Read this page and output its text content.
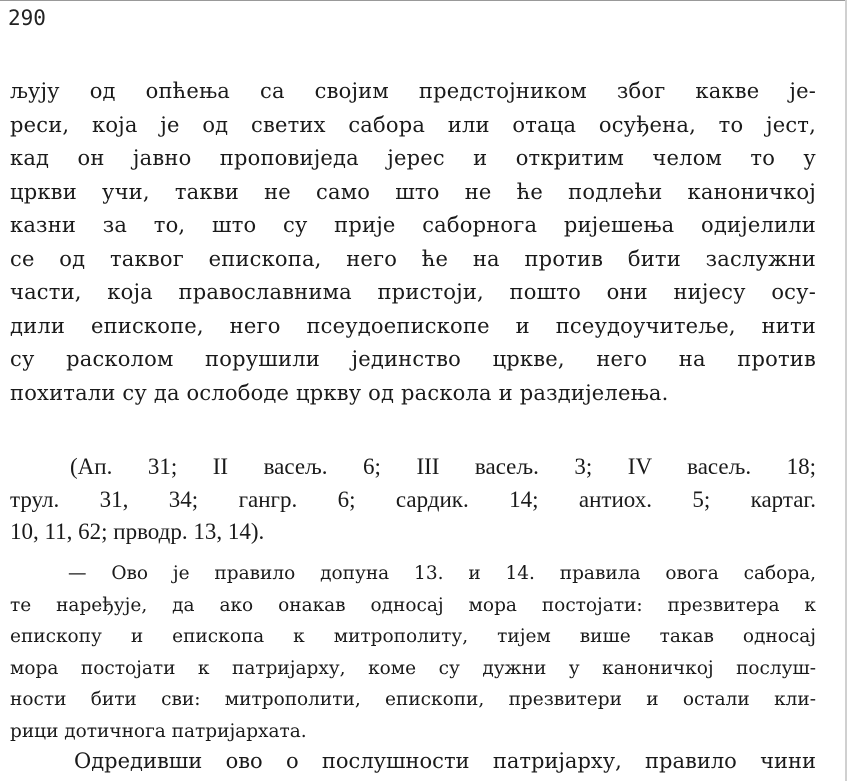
290
љују од опћења са својим предстојником због какве је-
реси, која је од светих сабора или отаца осуђена, то јест,
кад он јавно проповиједа јерес и откритим челом то у
цркви учи, такви не само што не ће подлећи каноничкој
казни за то, што су прије саборнога ријешења одијелили
се од таквог епископа, него ће на против бити заслужни
части, која православнима пристоји, пошто они нијесу осу-
дили епископе, него псеудоепископе и псеудоучитеље, нити
су расколом порушили јединство цркве, него на против
похитали су да ослободе цркву од раскола и раздијелења.
(Ап. 31; II васељ. 6; III васељ. 3; IV васељ. 18;
трул. 31, 34; гангр. 6; сардик. 14; антиох. 5; картаг.
10, 11, 62; прводр. 13, 14).
— Ово је правило допуна 13. и 14. правила овога сабора,
те наређује, да ако онакав односај мора постојати: презвитера к
епископу и епископа к митрополиту, тијем више такав односај
мора постојати к патријарху, коме су дужни у каноничкој послуш-
ности бити сви: митрополити, епископи, презвитери и остали кли-
рици дотичнога патријархата.
Одредивши ово о послушности патријарху, правило чини
